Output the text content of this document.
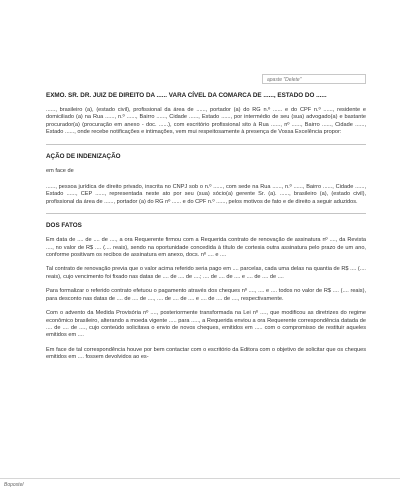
apaste "Delete"
EXMO. SR. DR. JUIZ DE DIREITO DA ...... VARA CÍVEL DA COMARCA DE ......, ESTADO DO ......
......, brasileiro (a), (estado civil), profissional da área de ......, portador (a) do RG n.º ...... e do CPF n.º ......, residente e domiciliado (a) na Rua ......, n.º ......, Bairro ......, Cidade ......, Estado ......, por intermédio de seu (sua) advogado(a) e bastante procurador(a) (procuração em anexo - doc. ......), com escritório profissional sito à Rua ......, nº ......, Bairro ......, Cidade ......, Estado ......, onde recebe notificações e intimações, vem mui respeitosamente à presença de Vossa Excelência propor:
AÇÃO DE INDENIZAÇÃO
em face de
......, pessoa jurídica de direito privado, inscrita no CNPJ sob o n.º ......, com sede na Rua ......, n.º ......, Bairro ......, Cidade ......, Estado ......, CEP ......, representada neste ato por seu (sua) sócio(a) gerente Sr. (a). ......, brasileiro (a), (estado civil), profissional da área de ......, portador (a) do RG nº ...... e do CPF n.º ......, pelos motivos de fato e de direito a seguir aduzidos.
DOS FATOS
Em data de .... de .... de ...., a ora Requerente firmou com a Requerida contrato de renovação de assinatura nº ...., da Revista ...., no valor de R$ .... (.... reais), sendo na oportunidade concedida à título de cortesia outra assinatura pelo prazo de um ano, conforme positivam os recibos de assinatura em anexo, docs. nº .... e ....
Tal contrato de renovação previa que o valor acima referido seria pago em .... parcelas, cada uma delas na quantia de R$ .... (.... reais), cujo vencimento foi fixado nas datas de .... de .... de ....; .... de .... de .... e .... de .... de ....
Para formalizar o referido contrato efetuou o pagamento através dos cheques nº ...., .... e .... todos no valor de R$ .... (.... reais), para desconto nas datas de .... de .... de ...., .... de .... de .... e .... de .... de ...., respectivamente.
Com o advento da Medida Provisória nº ...., posteriormente transformada na Lei nº ...., que modificou as diretrizes do regime econômico brasileiro, alterando a moeda vigente ..... para ....., a Requerida enviou a ora Requerente correspondência datada de .... de .... de ...., cujo conteúdo solicitava o envio de novos cheques, emitidos em ..... com o compromisso de restituir aqueles emitidos em ....
Em face de tal correspondência houve por bem contactar com o escritório da Editora com o objetivo de solicitar que os cheques emitidos em .... fossem devolvidos ao es-
Bopostel
